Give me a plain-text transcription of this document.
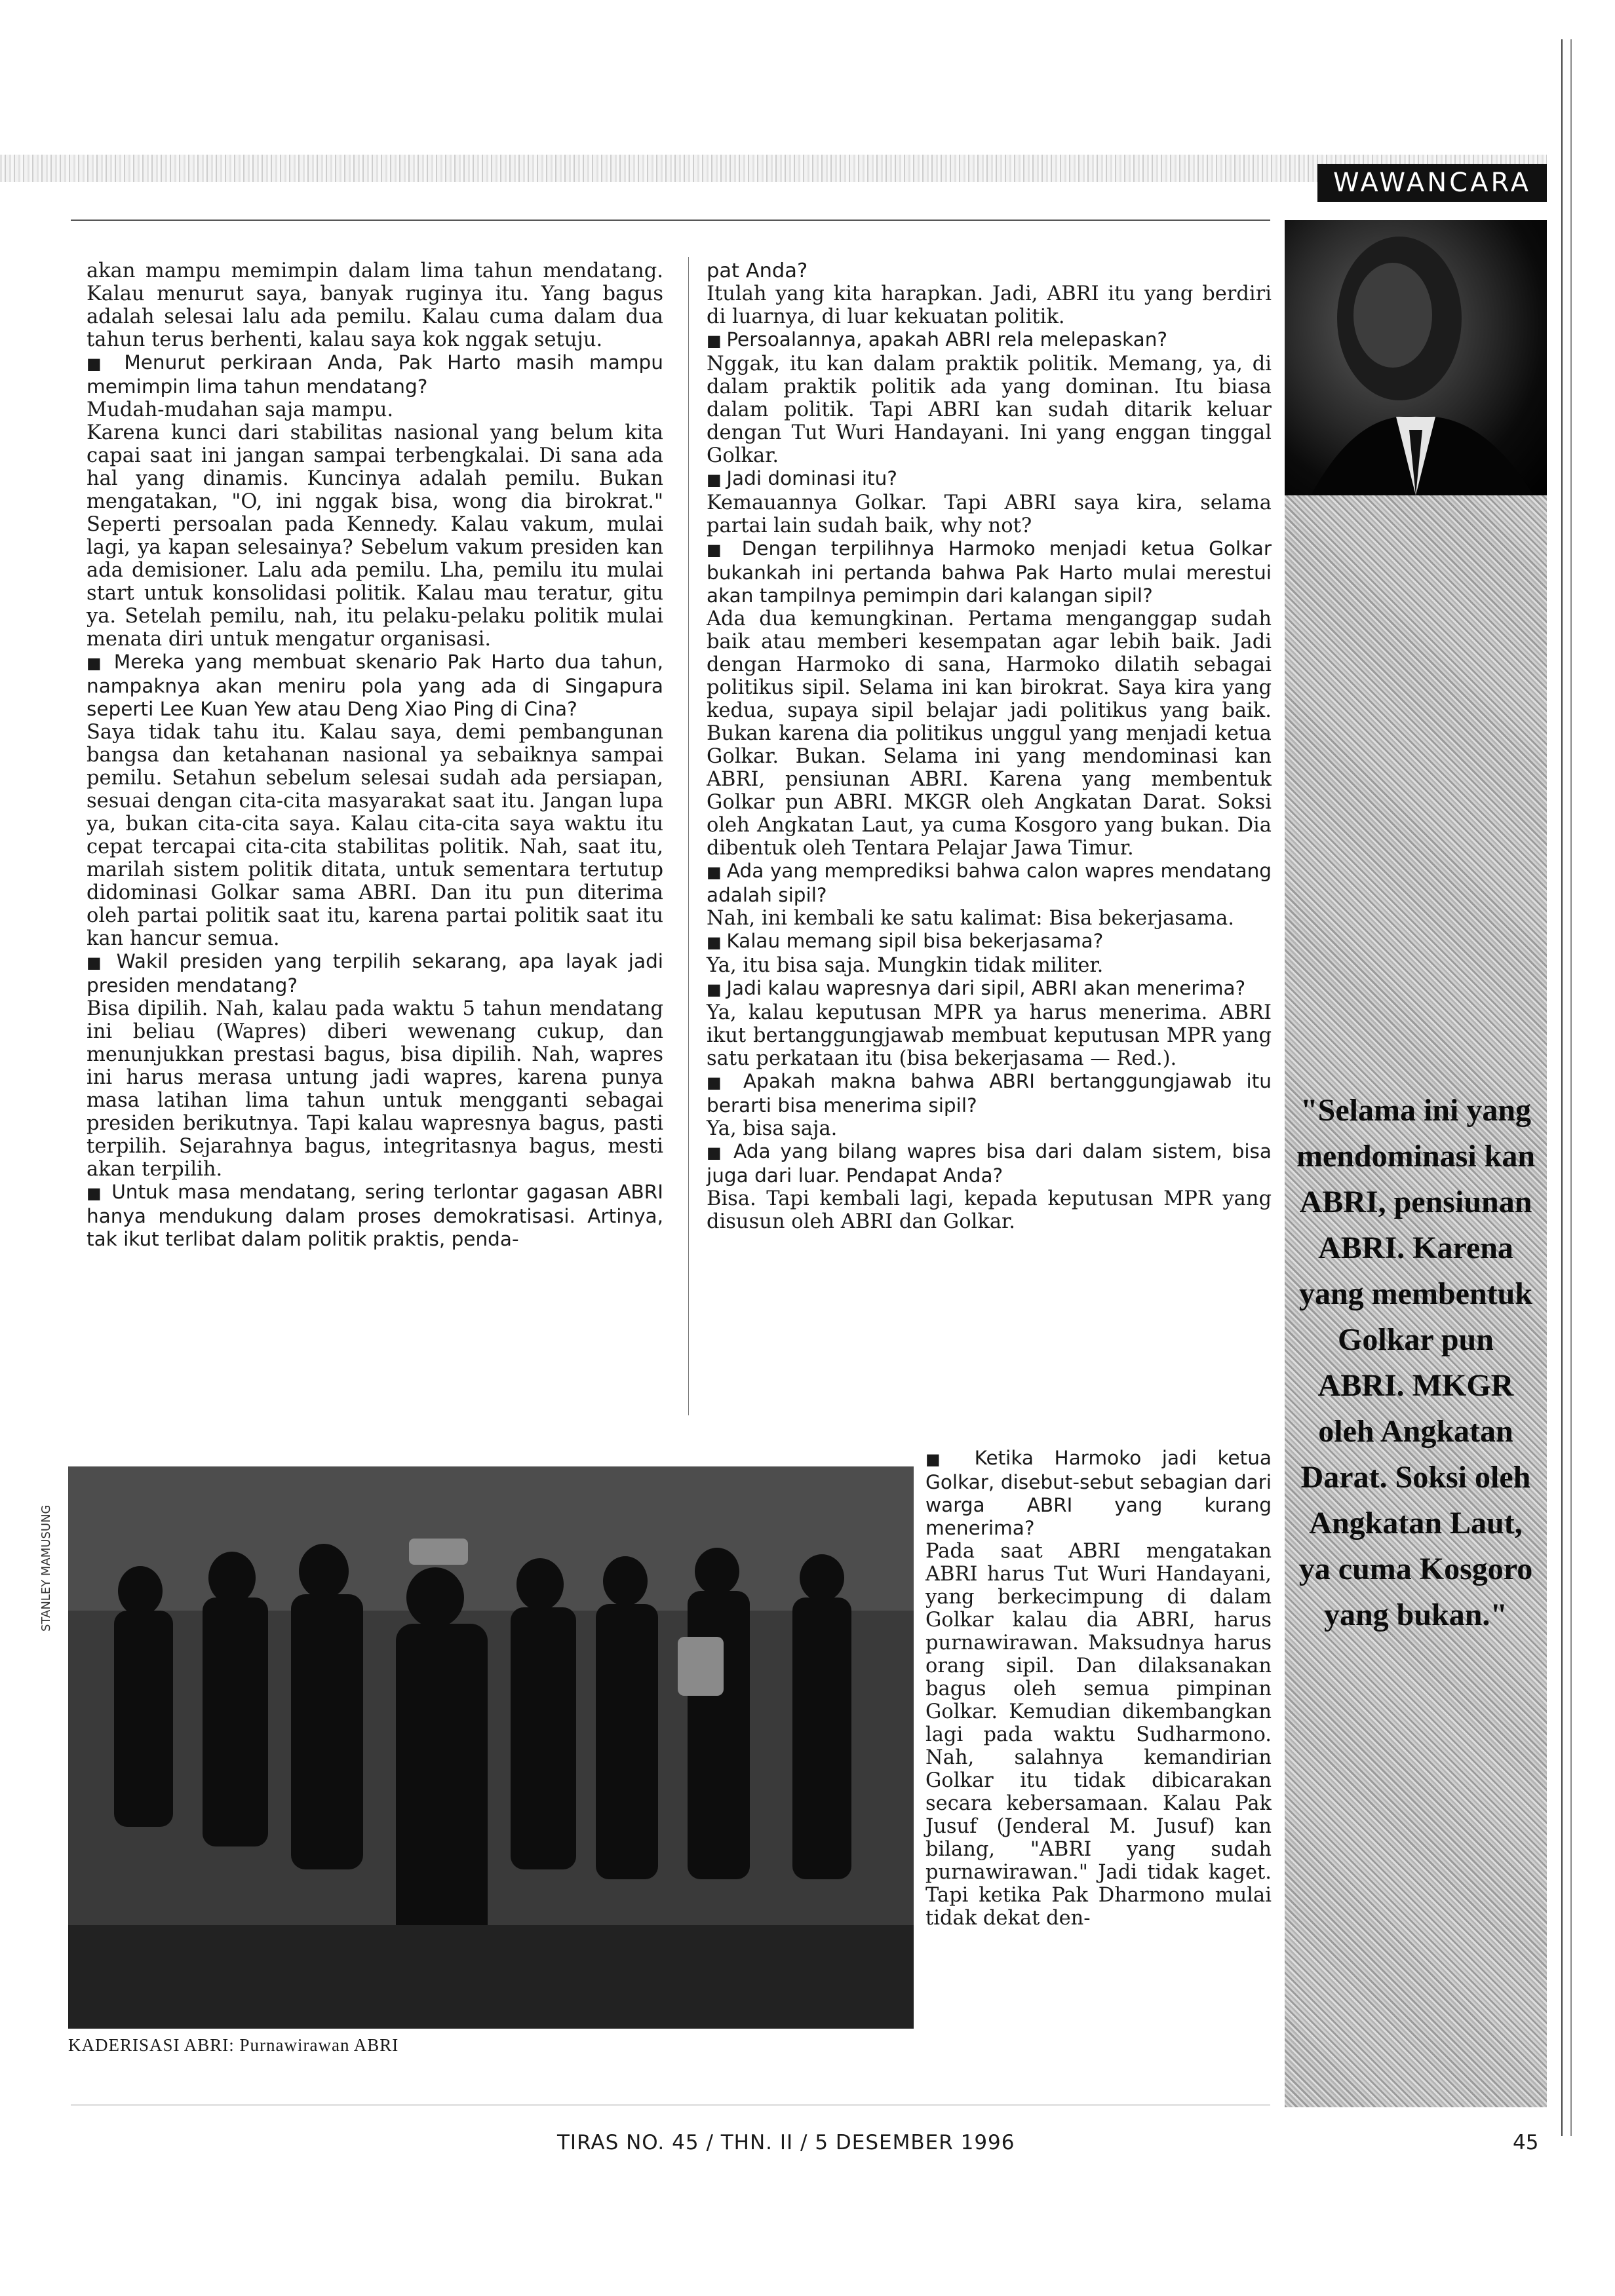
WAWANCARA
"Selama ini yang mendominasi kan ABRI, pensiunan ABRI. Karena yang membentuk Golkar pun ABRI. MKGR oleh Angkatan Darat. Soksi oleh Angkatan Laut, ya cuma Kosgoro yang bukan."

akan mampu memimpin dalam lima tahun mendatang. Kalau menurut saya, banyak ruginya itu. Yang bagus adalah selesai lalu ada pemilu. Kalau cuma dalam dua tahun terus berhenti, kalau saya kok nggak setuju.

■ Menurut perkiraan Anda, Pak Harto masih mampu memimpin lima tahun mendatang?

Mudah-mudahan saja mampu.

Karena kunci dari stabilitas nasional yang belum kita capai saat ini jangan sampai terbengkalai. Di sana ada hal yang dinamis. Kuncinya adalah pemilu. Bukan mengatakan, "O, ini nggak bisa, wong dia birokrat." Seperti persoalan pada Kennedy. Kalau vakum, mulai lagi, ya kapan selesainya? Sebelum vakum presiden kan ada demisioner. Lalu ada pemilu. Lha, pemilu itu mulai start untuk konsolidasi politik. Kalau mau teratur, gitu ya. Setelah pemilu, nah, itu pelaku-pelaku politik mulai menata diri untuk mengatur organisasi.

■ Mereka yang membuat skenario Pak Harto dua tahun, nampaknya akan meniru pola yang ada di Singapura seperti Lee Kuan Yew atau Deng Xiao Ping di Cina?

Saya tidak tahu itu. Kalau saya, demi pembangunan bangsa dan ketahanan nasional ya sebaiknya sampai pemilu. Setahun sebelum selesai sudah ada persiapan, sesuai dengan cita-cita masyarakat saat itu. Jangan lupa ya, bukan cita-cita saya. Kalau cita-cita saya waktu itu cepat tercapai cita-cita stabilitas politik. Nah, saat itu, marilah sistem politik ditata, untuk sementara tertutup didominasi Golkar sama ABRI. Dan itu pun diterima oleh partai politik saat itu, karena partai politik saat itu kan hancur semua.

■ Wakil presiden yang terpilih sekarang, apa layak jadi presiden mendatang?

Bisa dipilih. Nah, kalau pada waktu 5 tahun mendatang ini beliau (Wapres) diberi wewenang cukup, dan menunjukkan prestasi bagus, bisa dipilih. Nah, wapres ini harus merasa untung jadi wapres, karena punya masa latihan lima tahun untuk mengganti sebagai presiden berikutnya. Tapi kalau wapresnya bagus, pasti terpilih. Sejarahnya bagus, integritasnya bagus, mesti akan terpilih.

■ Untuk masa mendatang, sering terlontar gagasan ABRI hanya mendukung dalam proses demokratisasi. Artinya, tak ikut terlibat dalam politik praktis, penda-

pat Anda?

Itulah yang kita harapkan. Jadi, ABRI itu yang berdiri di luarnya, di luar kekuatan politik.

■ Persoalannya, apakah ABRI rela melepaskan?

Nggak, itu kan dalam praktik politik. Memang, ya, di dalam praktik politik ada yang dominan. Itu biasa dalam politik. Tapi ABRI kan sudah ditarik keluar dengan Tut Wuri Handayani. Ini yang enggan tinggal Golkar.

■ Jadi dominasi itu?

Kemauannya Golkar. Tapi ABRI saya kira, selama partai lain sudah baik, why not?

■ Dengan terpilihnya Harmoko menjadi ketua Golkar bukankah ini pertanda bahwa Pak Harto mulai merestui akan tampilnya pemimpin dari kalangan sipil?

Ada dua kemungkinan. Pertama menganggap sudah baik atau memberi kesempatan agar lebih baik. Jadi dengan Harmoko di sana, Harmoko dilatih sebagai politikus sipil. Selama ini kan birokrat. Saya kira yang kedua, supaya sipil belajar jadi politikus yang baik. Bukan karena dia politikus unggul yang menjadi ketua Golkar. Bukan. Selama ini yang mendominasi kan ABRI, pensiunan ABRI. Karena yang membentuk Golkar pun ABRI. MKGR oleh Angkatan Darat. Soksi oleh Angkatan Laut, ya cuma Kosgoro yang bukan. Dia dibentuk oleh Tentara Pelajar Jawa Timur.

■ Ada yang memprediksi bahwa calon wapres mendatang adalah sipil?

Nah, ini kembali ke satu kalimat: Bisa bekerjasama.

■ Kalau memang sipil bisa bekerjasama?

Ya, itu bisa saja. Mungkin tidak militer.

■ Jadi kalau wapresnya dari sipil, ABRI akan menerima?

Ya, kalau keputusan MPR ya harus menerima. ABRI ikut bertanggungjawab membuat keputusan MPR yang satu perkataan itu (bisa bekerjasama — Red.).

■ Apakah makna bahwa ABRI bertanggungjawab itu berarti bisa menerima sipil?

Ya, bisa saja.

■ Ada yang bilang wapres bisa dari dalam sistem, bisa juga dari luar. Pendapat Anda?

Bisa. Tapi kembali lagi, kepada keputusan MPR yang disusun oleh ABRI dan Golkar.

■ Ketika Harmoko jadi ketua Golkar, disebut-sebut sebagian dari warga ABRI yang kurang menerima?

Pada saat ABRI mengatakan ABRI harus Tut Wuri Handayani, yang berkecimpung di dalam Golkar kalau dia ABRI, harus purnawirawan. Maksudnya harus orang sipil. Dan dilaksanakan bagus oleh semua pimpinan Golkar. Kemudian dikembangkan lagi pada waktu Sudharmono. Nah, salahnya kemandirian Golkar itu tidak dibicarakan secara kebersamaan. Kalau Pak Jusuf (Jenderal M. Jusuf) kan bilang, "ABRI yang sudah purnawirawan." Jadi tidak kaget. Tapi ketika Pak Dharmono mulai tidak dekat den-

STANLEY MAMUSUNG
KADERISASI ABRI: Purnawirawan ABRI
TIRAS NO. 45 / THN. II / 5 DESEMBER 1996	45
